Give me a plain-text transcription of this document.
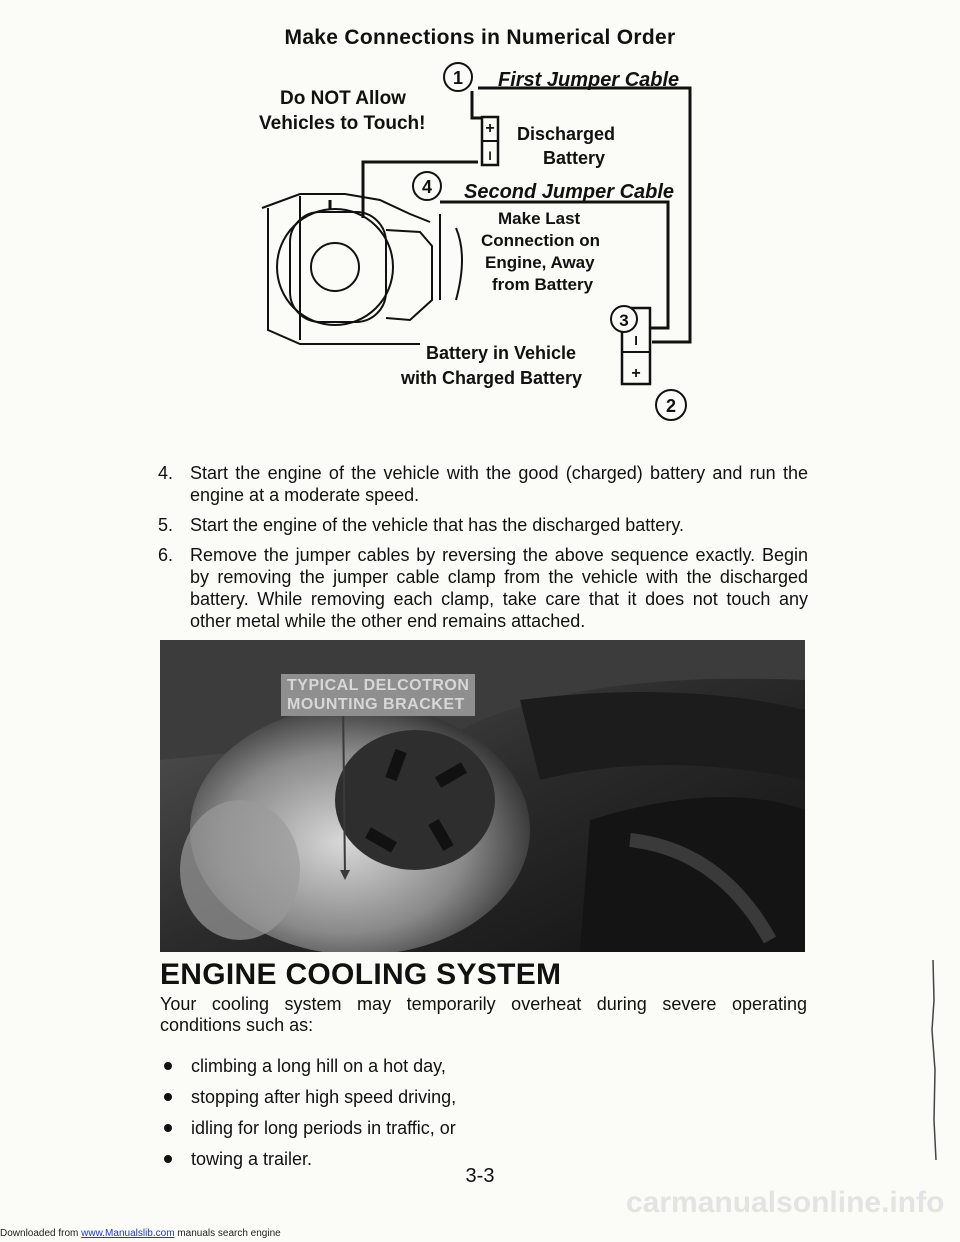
Make Connections in Numerical Order
1
4
3
2
+
I
I
+
First Jumper Cable
Do NOT Allow
Vehicles to Touch!	Discharged
Battery
Second Jumper Cable
Make Last
Connection on
Engine, Away
from Battery
Battery in Vehicle
with Charged Battery
4. Start the engine of the vehicle with the good (charged) battery and run the engine at a moderate speed.
5. Start the engine of the vehicle that has the discharged battery.
6. Remove the jumper cables by reversing the above sequence exactly. Begin by removing the jumper cable clamp from the vehicle with the discharged battery. While removing each clamp, take care that it does not touch any other metal while the other end remains attached.
TYPICAL DELCOTRON
MOUNTING BRACKET
ENGINE COOLING SYSTEM
Your cooling system may temporarily overheat during severe operating conditions such as:
climbing a long hill on a hot day,
stopping after high speed driving,
idling for long periods in traffic, or
towing a trailer.
3-3
carmanualsonline.info
Downloaded from www.Manualslib.com manuals search engine
